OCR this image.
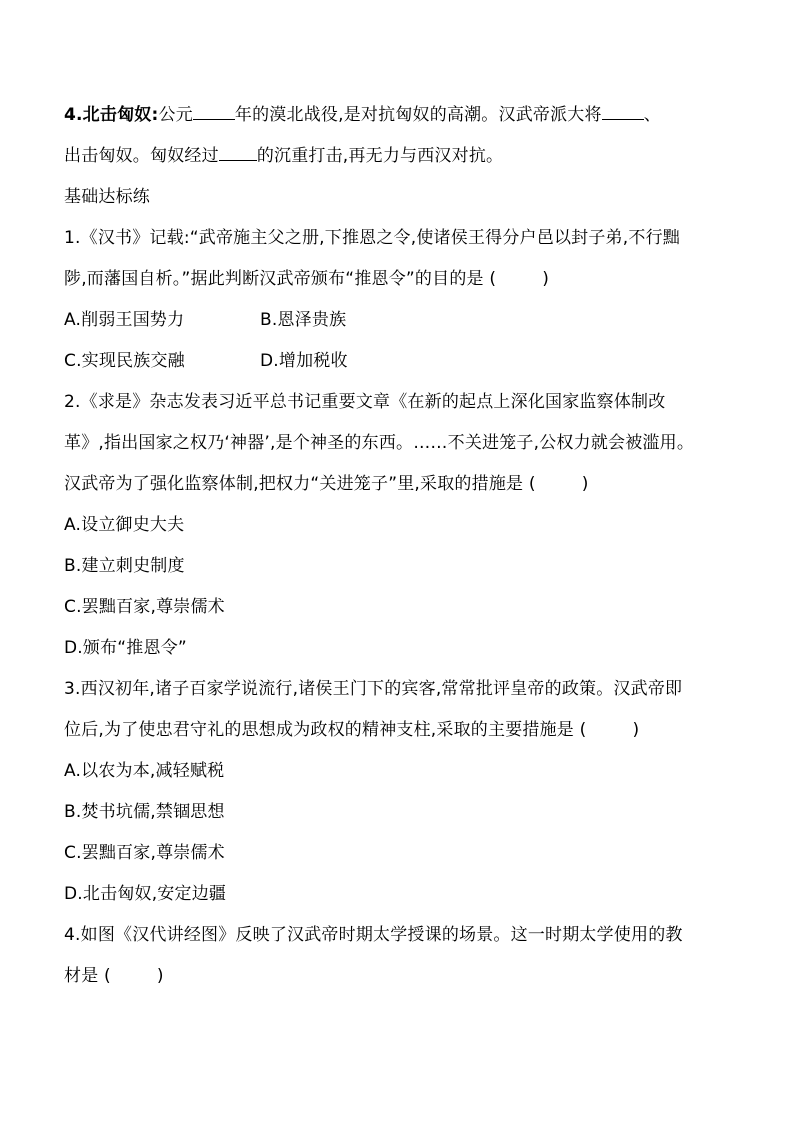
4.北击匈奴:公元 年的漠北战役,是对抗匈奴的高潮。汉武帝派大将 、
出击匈奴。匈奴经过 的沉重打击,再无力与西汉对抗。
基础达标练
1.《汉书》记载:“武帝施主父之册,下推恩之令,使诸侯王得分户邑以封子弟,不行黜
陟,而藩国自析。”据此判断汉武帝颁布“推恩令”的目的是 (	)
A.削弱王国势力	B.恩泽贵族
C.实现民族交融	D.增加税收
2.《求是》杂志发表习近平总书记重要文章《在新的起点上深化国家监察体制改
革》,指出国家之权乃‘神器’,是个神圣的东西。……不关进笼子,公权力就会被滥用。
汉武帝为了强化监察体制,把权力“关进笼子”里,采取的措施是 (	)
A.设立御史大夫
B.建立刺史制度
C.罢黜百家,尊崇儒术
D.颁布“推恩令”
3.西汉初年,诸子百家学说流行,诸侯王门下的宾客,常常批评皇帝的政策。汉武帝即
位后,为了使忠君守礼的思想成为政权的精神支柱,采取的主要措施是 (	)
A.以农为本,减轻赋税
B.焚书坑儒,禁锢思想
C.罢黜百家,尊崇儒术
D.北击匈奴,安定边疆
4.如图《汉代讲经图》反映了汉武帝时期太学授课的场景。这一时期太学使用的教
材是 (	)
